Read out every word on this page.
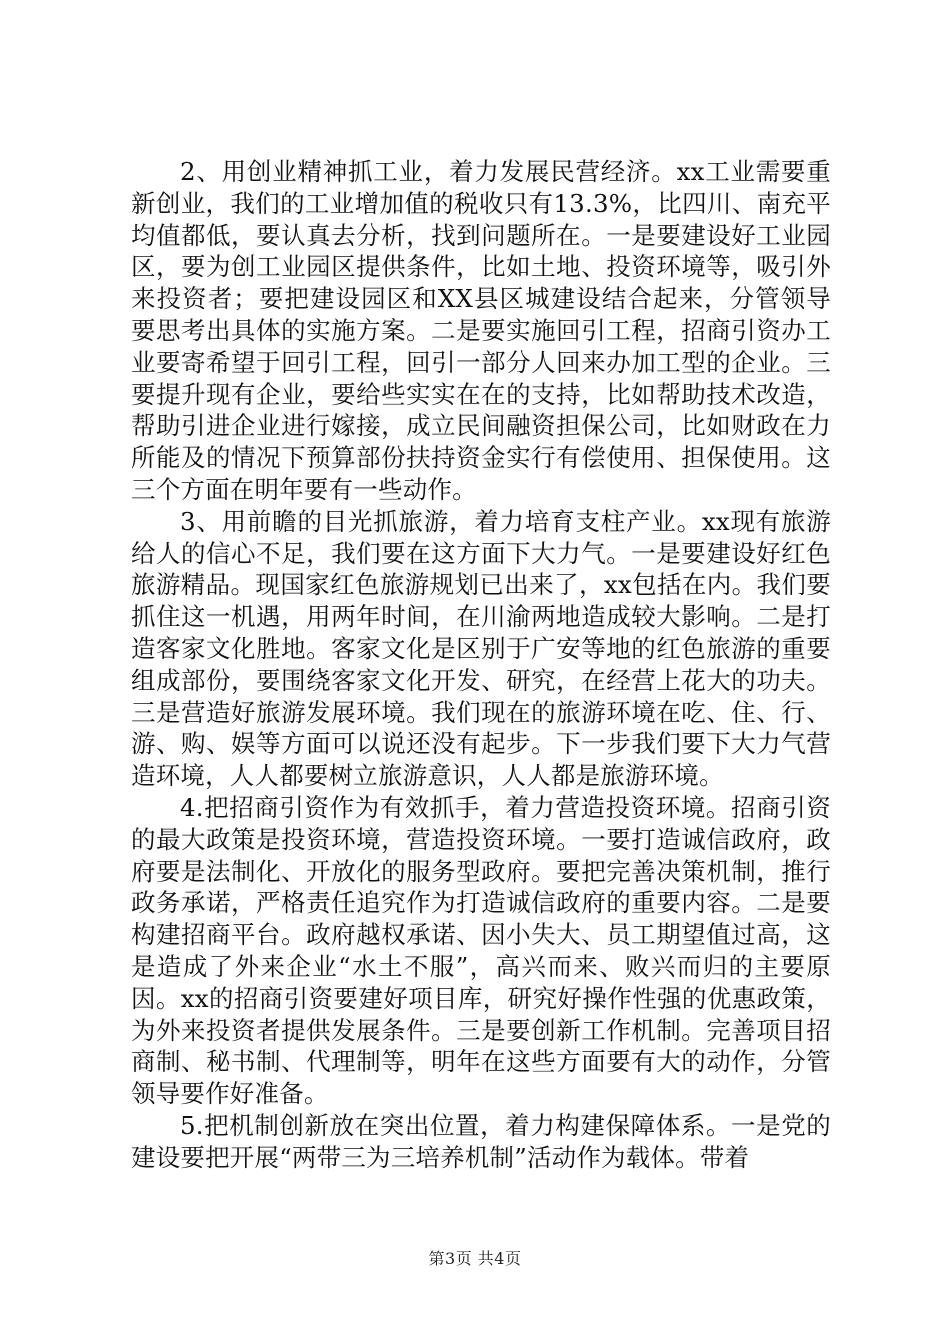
2、用创业精神抓工业，着力发展民营经济。xx工业需要重新创业，我们的工业增加值的税收只有13.3%，比四川、南充平均值都低，要认真去分析，找到问题所在。一是要建设好工业园区，要为创工业园区提供条件，比如土地、投资环境等，吸引外来投资者；要把建设园区和XX县区城建设结合起来，分管领导要思考出具体的实施方案。二是要实施回引工程，招商引资办工业要寄希望于回引工程，回引一部分人回来办加工型的企业。三要提升现有企业，要给些实实在在的支持，比如帮助技术改造，帮助引进企业进行嫁接，成立民间融资担保公司，比如财政在力所能及的情况下预算部份扶持资金实行有偿使用、担保使用。这三个方面在明年要有一些动作。

3、用前瞻的目光抓旅游，着力培育支柱产业。xx现有旅游给人的信心不足，我们要在这方面下大力气。一是要建设好红色旅游精品。现国家红色旅游规划已出来了，xx包括在内。我们要抓住这一机遇，用两年时间，在川渝两地造成较大影响。二是打造客家文化胜地。客家文化是区别于广安等地的红色旅游的重要组成部份，要围绕客家文化开发、研究，在经营上花大的功夫。三是营造好旅游发展环境。我们现在的旅游环境在吃、住、行、游、购、娱等方面可以说还没有起步。下一步我们要下大力气营造环境，人人都要树立旅游意识，人人都是旅游环境。

4.把招商引资作为有效抓手，着力营造投资环境。招商引资的最大政策是投资环境，营造投资环境。一要打造诚信政府，政府要是法制化、开放化的服务型政府。要把完善决策机制，推行政务承诺，严格责任追究作为打造诚信政府的重要内容。二是要构建招商平台。政府越权承诺、因小失大、员工期望值过高，这是造成了外来企业“水土不服”，高兴而来、败兴而归的主要原因。xx的招商引资要建好项目库，研究好操作性强的优惠政策，为外来投资者提供发展条件。三是要创新工作机制。完善项目招商制、秘书制、代理制等，明年在这些方面要有大的动作，分管领导要作好准备。

5.把机制创新放在突出位置，着力构建保障体系。一是党的建设要把开展“两带三为三培养机制”活动作为载体。带着

第3页 共4页
